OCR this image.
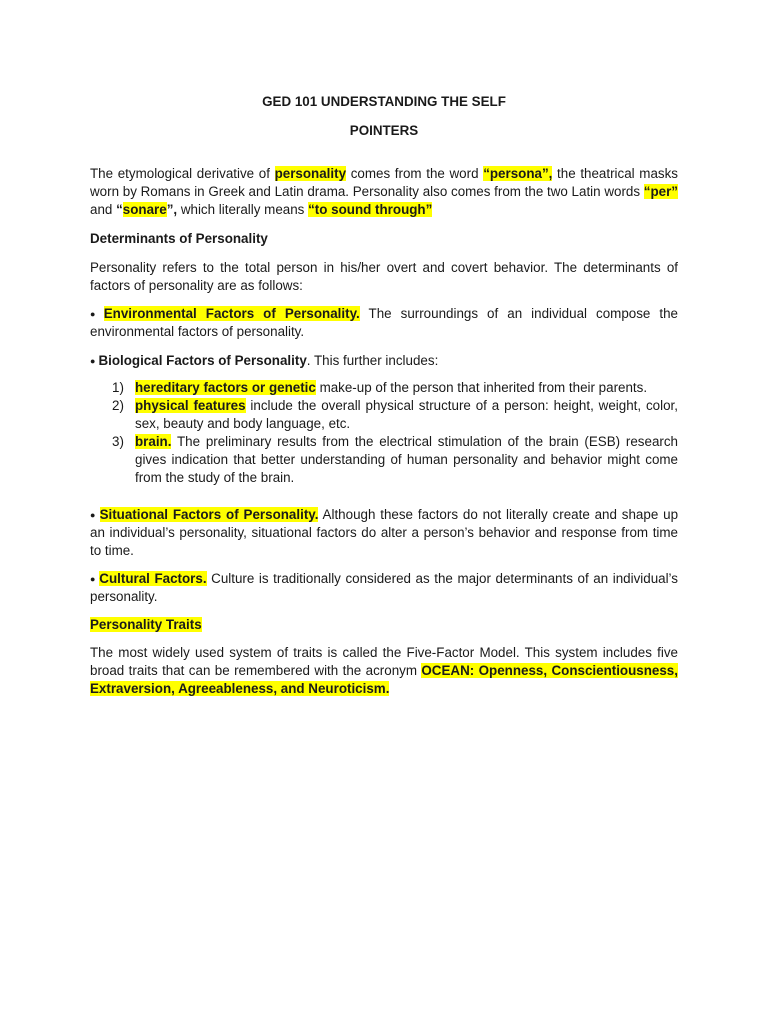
GED 101 UNDERSTANDING THE SELF
POINTERS

The etymological derivative of personality comes from the word “persona”, the theatrical masks worn by Romans in Greek and Latin drama. Personality also comes from the two Latin words “per” and “sonare”, which literally means “to sound through”

Determinants of Personality

Personality refers to the total person in his/her overt and covert behavior. The determinants of factors of personality are as follows:

● Environmental Factors of Personality. The surroundings of an individual compose the environmental factors of personality.

● Biological Factors of Personality. This further includes:

1) hereditary factors or genetic make-up of the person that inherited from their parents.
2) physical features include the overall physical structure of a person: height, weight, color, sex, beauty and body language, etc.
3) brain. The preliminary results from the electrical stimulation of the brain (ESB) research gives indication that better understanding of human personality and behavior might come from the study of the brain.

● Situational Factors of Personality. Although these factors do not literally create and shape up an individual’s personality, situational factors do alter a person’s behavior and response from time to time.

● Cultural Factors. Culture is traditionally considered as the major determinants of an individual’s personality.

Personality Traits

The most widely used system of traits is called the Five-Factor Model. This system includes five broad traits that can be remembered with the acronym OCEAN: Openness, Conscientiousness, Extraversion, Agreeableness, and Neuroticism.
